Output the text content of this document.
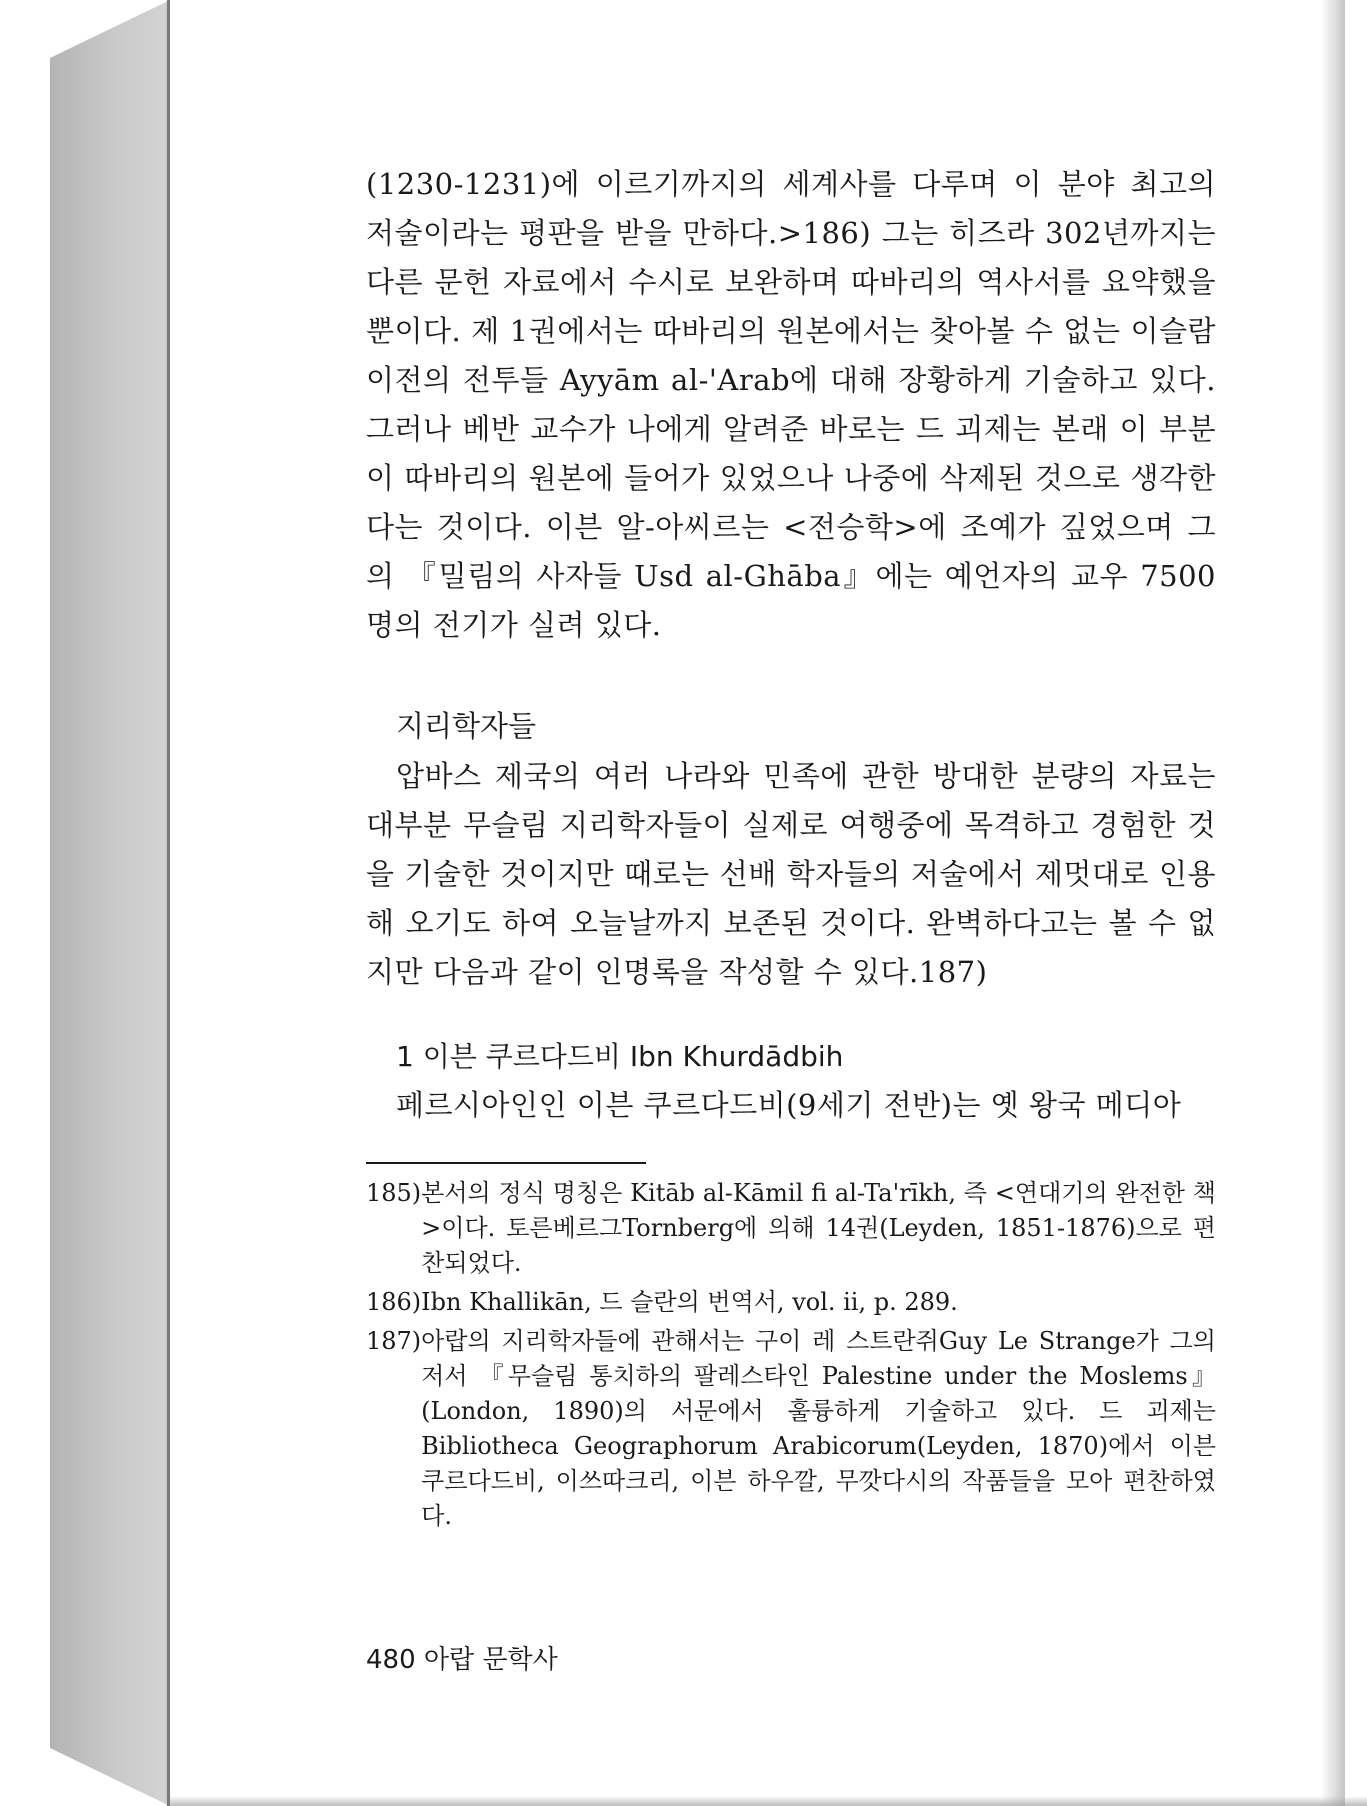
(1230-1231)에 이르기까지의 세계사를 다루며 이 분야 최고의 저술이라는 평판을 받을 만하다.>186) 그는 히즈라 302년까지는 다른 문헌 자료에서 수시로 보완하며 따바리의 역사서를 요약했을 뿐이다. 제 1권에서는 따바리의 원본에서는 찾아볼 수 없는 이슬람 이전의 전투들 Ayyām al-'Arab에 대해 장황하게 기술하고 있다. 그러나 베반 교수가 나에게 알려준 바로는 드 괴제는 본래 이 부분이 따바리의 원본에 들어가 있었으나 나중에 삭제된 것으로 생각한다는 것이다. 이븐 알-아씨르는 <전승학>에 조예가 깊었으며 그의 『밀림의 사자들 Usd al-Ghāba』에는 예언자의 교우 7500명의 전기가 실려 있다.

지리학자들

압바스 제국의 여러 나라와 민족에 관한 방대한 분량의 자료는 대부분 무슬림 지리학자들이 실제로 여행중에 목격하고 경험한 것을 기술한 것이지만 때로는 선배 학자들의 저술에서 제멋대로 인용해 오기도 하여 오늘날까지 보존된 것이다. 완벽하다고는 볼 수 없지만 다음과 같이 인명록을 작성할 수 있다.187)

1 이븐 쿠르다드비 Ibn Khurdādbih

페르시아인인 이븐 쿠르다드비(9세기 전반)는 옛 왕국 메디아

185) 본서의 정식 명칭은 Kitāb al-Kāmil fi al-Ta'rīkh, 즉 <연대기의 완전한 책>이다. 토른베르그Tornberg에 의해 14권(Leyden, 1851-1876)으로 편찬되었다.
186) Ibn Khallikān, 드 슬란의 번역서, vol. ii, p. 289.
187) 아랍의 지리학자들에 관해서는 구이 레 스트란쥐Guy Le Strange가 그의 저서 『무슬림 통치하의 팔레스타인 Palestine under the Moslems』(London, 1890)의 서문에서 훌륭하게 기술하고 있다. 드 괴제는 Bibliotheca Geographorum Arabicorum(Leyden, 1870)에서 이븐 쿠르다드비, 이쓰따크리, 이븐 하우깔, 무깟다시의 작품들을 모아 편찬하였다.
480 아랍 문학사
